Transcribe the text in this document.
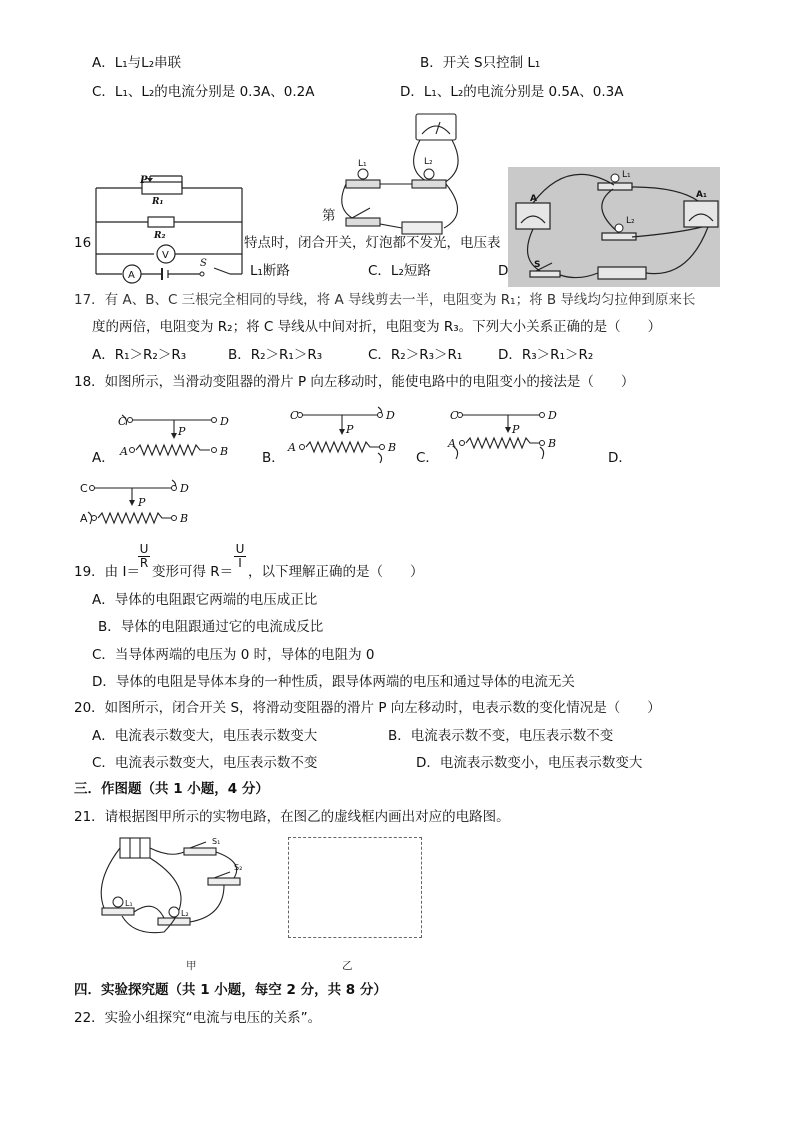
A．L₁与L₂串联	B．开关 S只控制 L₁
C．L₁、L₂的电流分别是 0.3A、0.2A	D．L₁、L₂的电流分别是 0.5A、0.3A
16
第
特点时，闭合开关，灯泡都不发光，电压表
L₁断路	C．L₂短路	D
P
R₁
R₂
V
A
S
L₁	L₂
L₁
L₂
A	A₁
S
17．有 A、B、C 三根完全相同的导线，将 A 导线剪去一半，电阻变为 R₁；将 B 导线均匀拉伸到原来长
度的两倍，电阻变为 R₂；将 C 导线从中间对折，电阻变为 R₃。下列大小关系正确的是（　　）
A．R₁＞R₂＞R₃	B．R₂＞R₁＞R₃	C．R₂＞R₃＞R₁	D．R₃＞R₁＞R₂
18．如图所示，当滑动变阻器的滑片 P 向左移动时，能使电路中的电阻变小的接法是（　　）
A．	B．	C．	D．
C	D
A	B
P
C	D
A	B
P
C	D
A	B
P
C	D
A	B
P
19．由 I＝
$\frac{U}{R}$
变形可得 R＝
$\frac{U}{I}$
，以下理解正确的是（　　）
A．导体的电阻跟它两端的电压成正比
B．导体的电阻跟通过它的电流成反比
C．当导体两端的电压为 0 时，导体的电阻为 0
D．导体的电阻是导体本身的一种性质，跟导体两端的电压和通过导体的电流无关
20．如图所示，闭合开关 S，将滑动变阻器的滑片 P 向左移动时，电表示数的变化情况是（　　）
A．电流表示数变大，电压表示数变大	B．电流表示数不变，电压表示数不变
C．电流表示数变大，电压表示数不变	D．电流表示数变小，电压表示数变大
三．作图题（共 1 小题，4 分）
21．请根据图甲所示的实物电路，在图乙的虚线框内画出对应的电路图。
S₁
S₂
L₁
L₂
甲	乙
四．实验探究题（共 1 小题，每空 2 分，共 8 分）
22．实验小组探究“电流与电压的关系”。
